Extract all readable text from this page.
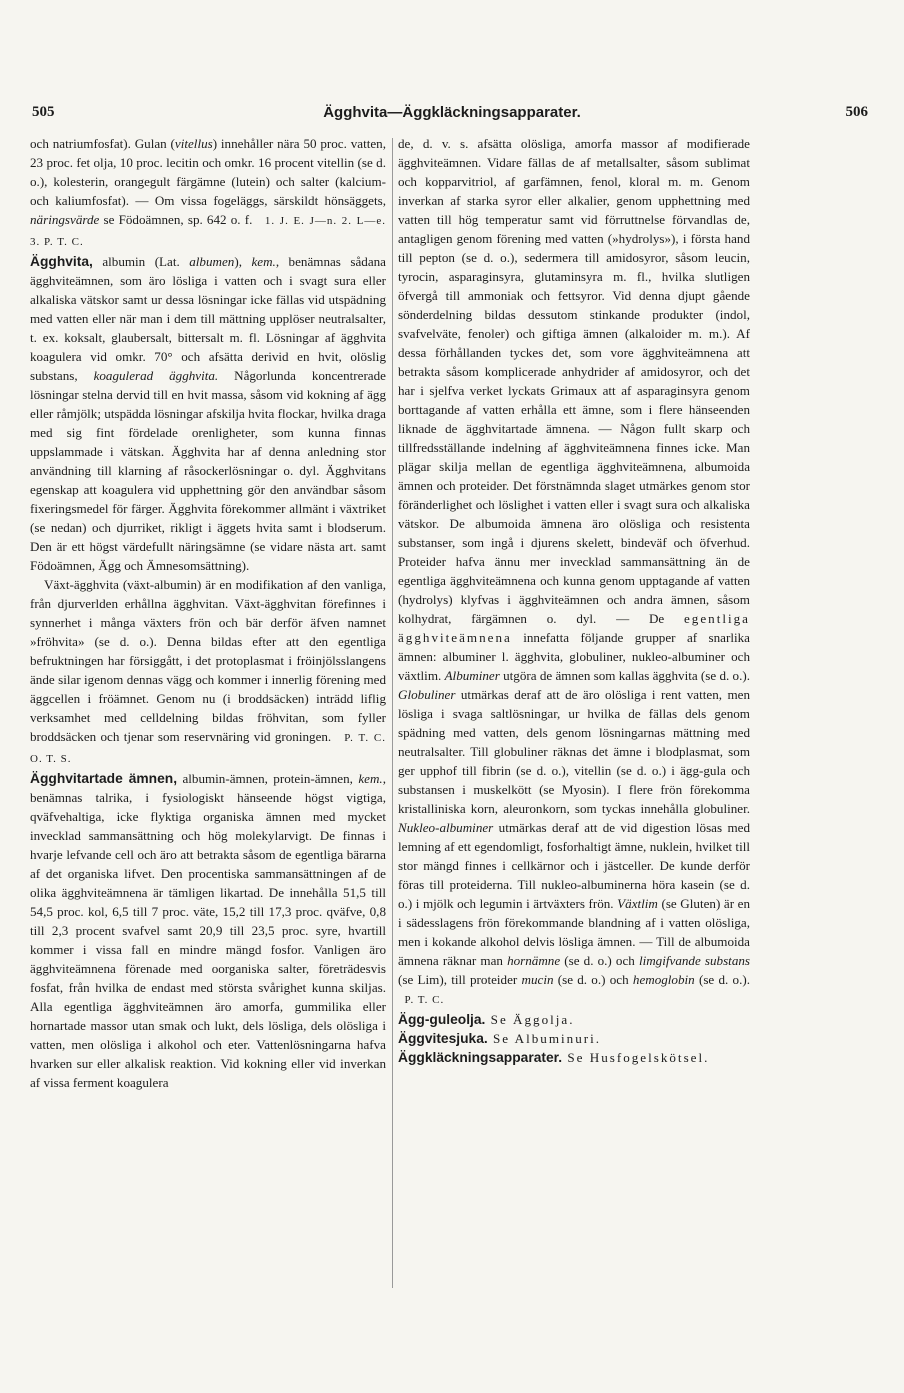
505	Ägghvita—Äggkläckningsapparater.	506

och natriumfosfat). Gulan (vitellus) innehåller nära 50 proc. vatten, 23 proc. fet olja, 10 proc. lecitin och omkr. 16 procent vitellin (se d. o.), kolesterin, orangegult färgämne (lutein) och salter (kalcium- och kaliumfosfat). — Om vissa fogeläggs, särskildt hönsäggets, näringsvärde se Födoämnen, sp. 642 o. f. 1. J. E. J—n. 2. L—e. 3. P. T. C.

Ägghvita, albumin (Lat. albumen), kem., benämnas sådana ägghviteämnen, som äro lösliga i vatten och i svagt sura eller alkaliska vätskor samt ur dessa lösningar icke fällas vid utspädning med vatten eller när man i dem till mättning upplöser neutralsalter, t. ex. koksalt, glaubersalt, bittersalt m. fl. Lösningar af ägghvita koagulera vid omkr. 70° och afsätta derivid en hvit, olöslig substans, koagulerad ägghvita. Någorlunda koncentrerade lösningar stelna dervid till en hvit massa, såsom vid kokning af ägg eller råmjölk; utspädda lösningar afskilja hvita flockar, hvilka draga med sig fint fördelade orenligheter, som kunna finnas uppslammade i vätskan. Ägghvita har af denna anledning stor användning till klarning af råsockerlösningar o. dyl. Ägghvitans egenskap att koagulera vid upphettning gör den användbar såsom fixeringsmedel för färger. Ägghvita förekommer allmänt i växtriket (se nedan) och djurriket, rikligt i äggets hvita samt i blodserum. Den är ett högst värdefullt näringsämne (se vidare nästa art. samt Födoämnen, Ägg och Ämnesomsättning).

Växt-ägghvita (växt-albumin) är en modifikation af den vanliga, från djurverlden erhållna ägghvitan. Växt-ägghvitan förefinnes i synnerhet i många växters frön och bär derför äfven namnet »fröhvita» (se d. o.). Denna bildas efter att den egentliga befruktningen har försiggått, i det protoplasmat i fröinjölsslangens ände silar igenom dennas vägg och kommer i innerlig förening med äggcellen i fröämnet. Genom nu (i broddsäcken) inträdd liflig verksamhet med celldelning bildas fröhvitan, som fyller broddsäcken och tjenar som reservnäring vid groningen. P. T. C. O. T. S.

Ägghvitartade ämnen, albumin-ämnen, protein-ämnen, kem., benämnas talrika, i fysiologiskt hänseende högst vigtiga, qväfvehaltiga, icke flyktiga organiska ämnen med mycket invecklad sammansättning och hög molekylarvigt. De finnas i hvarje lefvande cell och äro att betrakta såsom de egentliga bärarna af det organiska lifvet. Den procentiska sammansättningen af de olika ägghviteämnena är tämligen likartad. De innehålla 51,5 till 54,5 proc. kol, 6,5 till 7 proc. väte, 15,2 till 17,3 proc. qväfve, 0,8 till 2,3 procent svafvel samt 20,9 till 23,5 proc. syre, hvartill kommer i vissa fall en mindre mängd fosfor. Vanligen äro ägghviteämnena förenade med oorganiska salter, företrädesvis fosfat, från hvilka de endast med största svårighet kunna skiljas. Alla egentliga ägghviteämnen äro amorfa, gummilika eller hornartade massor utan smak och lukt, dels lösliga, dels olösliga i vatten, men olösliga i alkohol och eter. Vattenlösningarna hafva hvarken sur eller alkalisk reaktion. Vid kokning eller vid inverkan af vissa ferment koagulera

de, d. v. s. afsätta olösliga, amorfa massor af modifierade ägghviteämnen. Vidare fällas de af metallsalter, såsom sublimat och kopparvitriol, af garfämnen, fenol, kloral m. m. Genom inverkan af starka syror eller alkalier, genom upphettning med vatten till hög temperatur samt vid förruttnelse förvandlas de, antagligen genom förening med vatten (»hydrolys»), i första hand till pepton (se d. o.), sedermera till amidosyror, såsom leucin, tyrocin, asparaginsyra, glutaminsyra m. fl., hvilka slutligen öfvergå till ammoniak och fettsyror. Vid denna djupt gående sönderdelning bildas dessutom stinkande produkter (indol, svafvelväte, fenoler) och giftiga ämnen (alkaloider m. m.). Af dessa förhållanden tyckes det, som vore ägghviteämnena att betrakta såsom komplicerade anhydrider af amidosyror, och det har i sjelfva verket lyckats Grimaux att af asparaginsyra genom borttagande af vatten erhålla ett ämne, som i flere hänseenden liknade de ägghvitartade ämnena. — Någon fullt skarp och tillfredsställande indelning af ägghviteämnena finnes icke. Man plägar skilja mellan de egentliga ägghviteämnena, albumoida ämnen och proteider. Det förstnämnda slaget utmärkes genom stor föränderlighet och löslighet i vatten eller i svagt sura och alkaliska vätskor. De albumoida ämnena äro olösliga och resistenta substanser, som ingå i djurens skelett, bindeväf och öfverhud. Proteider hafva ännu mer invecklad sammansättning än de egentliga ägghviteämnena och kunna genom upptagande af vatten (hydrolys) klyfvas i ägghviteämnen och andra ämnen, såsom kolhydrat, färgämnen o. dyl. — De egentliga ägghviteämnena innefatta följande grupper af snarlika ämnen: albuminer l. ägghvita, globuliner, nukleo-albuminer och växtlim. Albuminer utgöra de ämnen som kallas ägghvita (se d. o.). Globuliner utmärkas deraf att de äro olösliga i rent vatten, men lösliga i svaga saltlösningar, ur hvilka de fällas dels genom spädning med vatten, dels genom lösningarnas mättning med neutralsalter. Till globuliner räknas det ämne i blodplasmat, som ger upphof till fibrin (se d. o.), vitellin (se d. o.) i ägg-gula och substansen i muskelkött (se Myosin). I flere frön förekomma kristalliniska korn, aleuronkorn, som tyckas innehålla globuliner. Nukleo-albuminer utmärkas deraf att de vid digestion lösas med lemning af ett egendomligt, fosforhaltigt ämne, nuklein, hvilket till stor mängd finnes i cellkärnor och i jästceller. De kunde derför föras till proteiderna. Till nukleo-albuminerna höra kasein (se d. o.) i mjölk och legumin i ärtväxters frön. Växtlim (se Gluten) är en i sädesslagens frön förekommande blandning af i vatten olösliga, men i kokande alkohol delvis lösliga ämnen. — Till de albumoida ämnena räknar man hornämne (se d. o.) och limgifvande substans (se Lim), till proteider mucin (se d. o.) och hemoglobin (se d. o.).   P. T. C.

Ägg-guleolja. Se Äggolja.

Äggvitesjuka. Se Albuminuri.

Äggkläckningsapparater. Se Husfogelskötsel.
